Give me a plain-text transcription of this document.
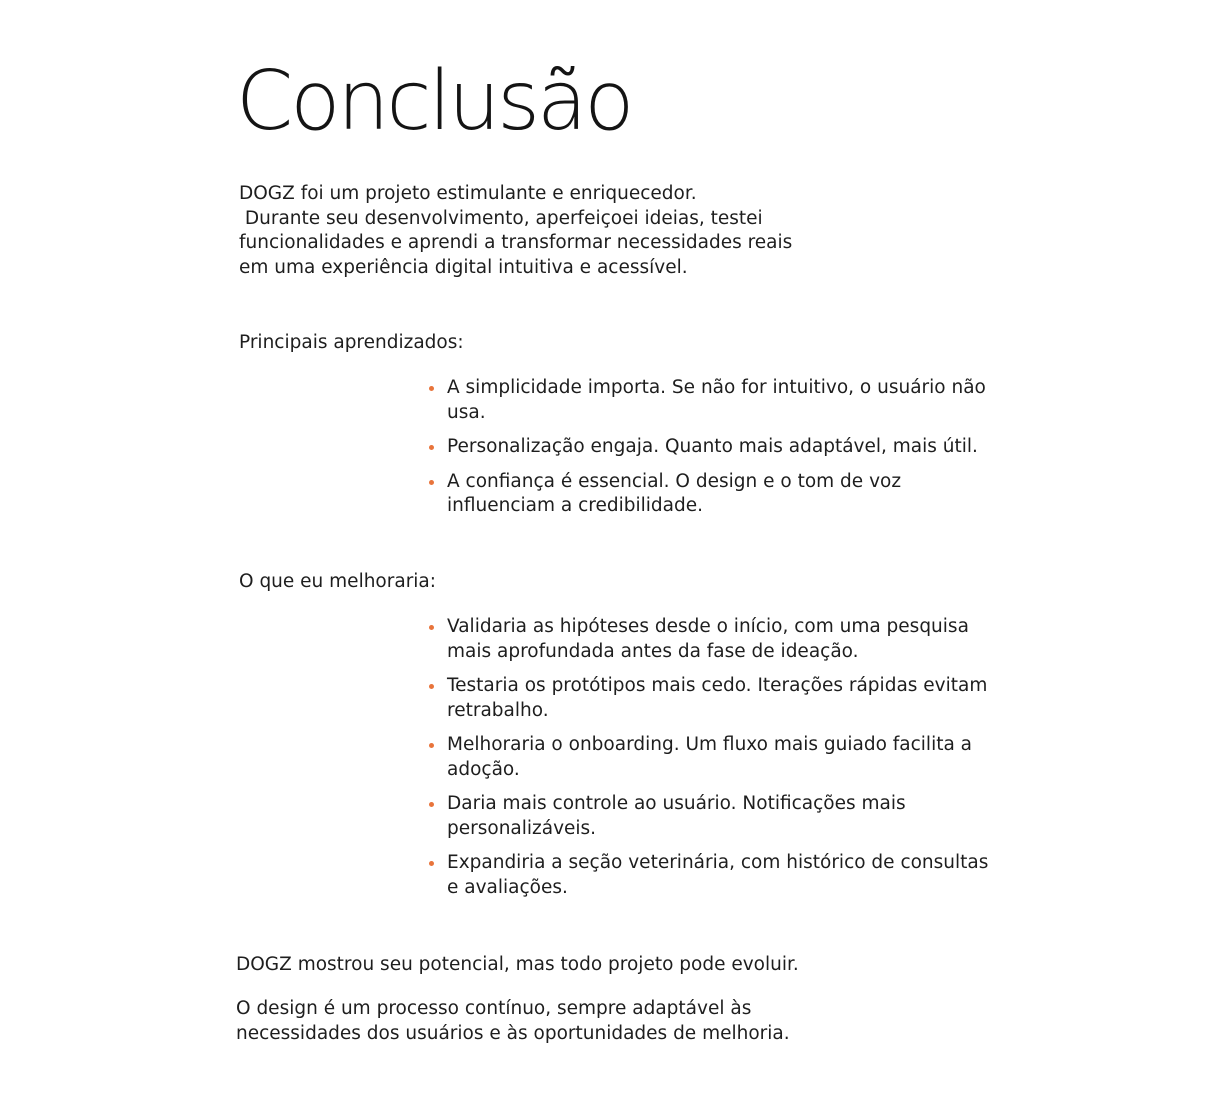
Conclusão
DOGZ foi um projeto estimulante e enriquecedor.
Durante seu desenvolvimento, aperfeiçoei ideias, testei
funcionalidades e aprendi a transformar necessidades reais
em uma experiência digital intuitiva e acessível.
Principais aprendizados:
A simplicidade importa. Se não for intuitivo, o usuário não
usa.
Personalização engaja. Quanto mais adaptável, mais útil.
A confiança é essencial. O design e o tom de voz
influenciam a credibilidade.
O que eu melhoraria:
Validaria as hipóteses desde o início, com uma pesquisa
mais aprofundada antes da fase de ideação.
Testaria os protótipos mais cedo. Iterações rápidas evitam
retrabalho.
Melhoraria o onboarding. Um fluxo mais guiado facilita a
adoção.
Daria mais controle ao usuário. Notificações mais
personalizáveis.
Expandiria a seção veterinária, com histórico de consultas
e avaliações.
DOGZ mostrou seu potencial, mas todo projeto pode evoluir.
O design é um processo contínuo, sempre adaptável às
necessidades dos usuários e às oportunidades de melhoria.
